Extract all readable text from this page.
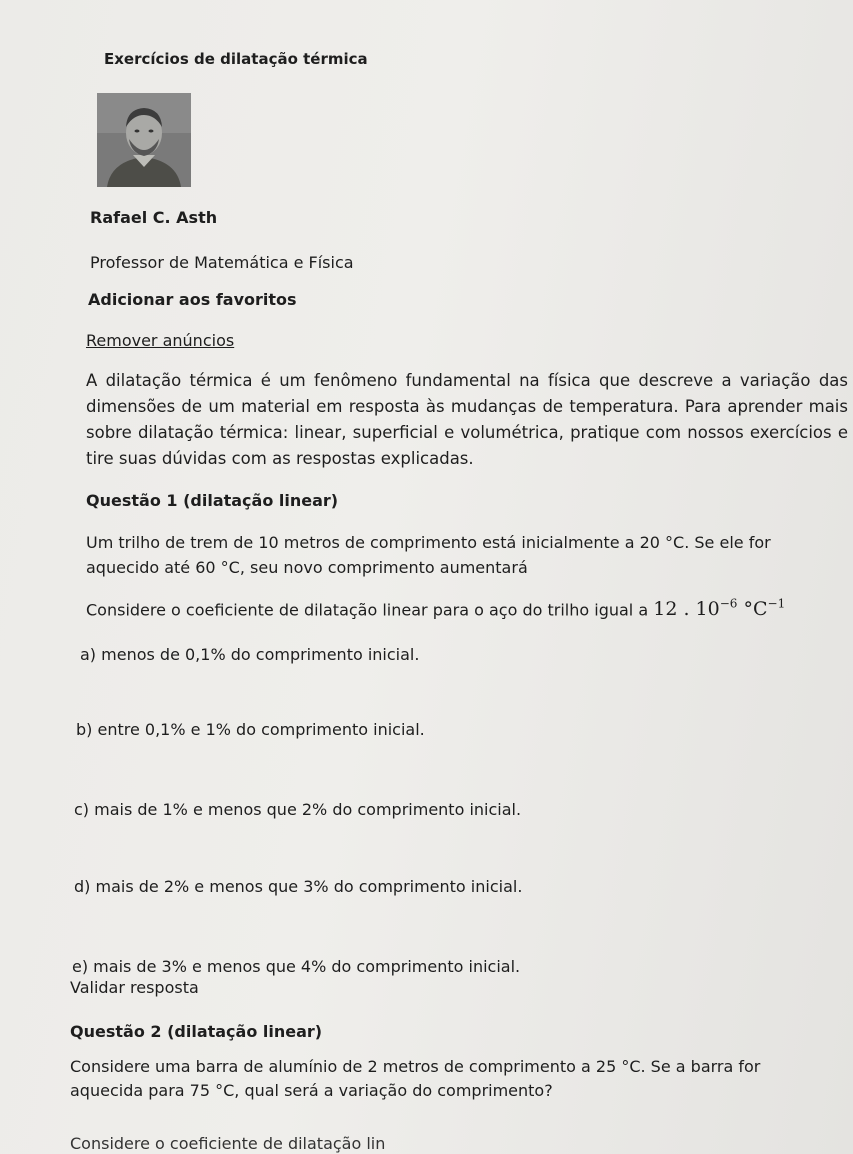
Exercícios de dilatação térmica
Rafael C. Asth
Professor de Matemática e Física
Adicionar aos favoritos
Remover anúncios
A dilatação térmica é um fenômeno fundamental na física que descreve a variação das dimensões de um material em resposta às mudanças de temperatura. Para aprender mais sobre dilatação térmica: linear, superficial e volumétrica, pratique com nossos exercícios e tire suas dúvidas com as respostas explicadas.
Questão 1 (dilatação linear)
Um trilho de trem de 10 metros de comprimento está inicialmente a 20 °C. Se ele for aquecido até 60 °C, seu novo comprimento aumentará
Considere o coeficiente de dilatação linear para o aço do trilho igual a 12 . $10^{-6}$ $^\circ C^{-1}$
a) menos de 0,1% do comprimento inicial.
b) entre 0,1% e 1% do comprimento inicial.
c) mais de 1% e menos que 2% do comprimento inicial.
d) mais de 2% e menos que 3% do comprimento inicial.
e) mais de 3% e menos que 4% do comprimento inicial.
Validar resposta
Questão 2 (dilatação linear)
Considere uma barra de alumínio de 2 metros de comprimento a 25 °C. Se a barra for aquecida para 75 °C, qual será a variação do comprimento?
Considere o coeficiente de dilatação lin
